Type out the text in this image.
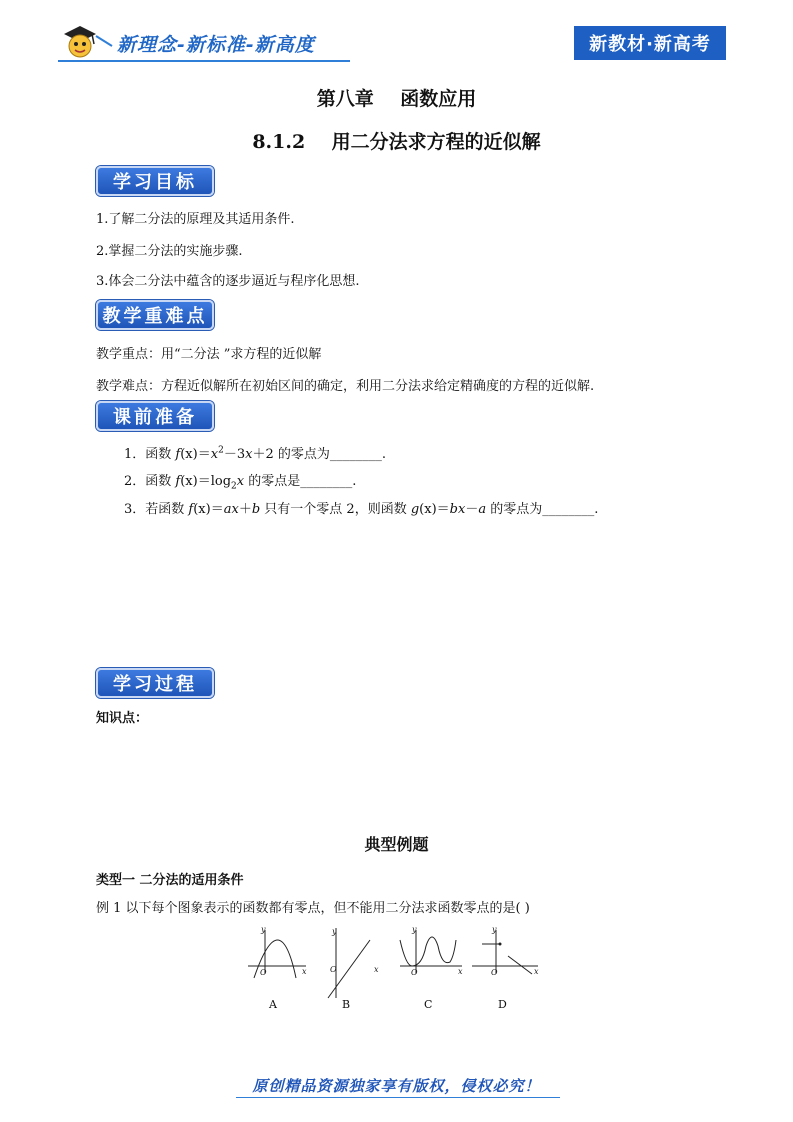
新理念-新标准-新高度	新教材·新高考
第八章    函数应用
8.1.2    用二分法求方程的近似解
学习目标
1.了解二分法的原理及其适用条件.
2.掌握二分法的实施步骤.
3.体会二分法中蕴含的逐步逼近与程序化思想.
教学重难点
教学重点：用“二分法 ”求方程的近似解
教学难点：方程近似解所在初始区间的确定，利用二分法求给定精确度的方程的近似解.
课前准备
1．函数 $f(x)=x^2-3x+2$ 的零点为________.
2．函数 $f(x)=\log_2x$ 的零点是________.
3．若函数 f(x)＝ax＋b 只有一个零点 2，则函数 g(x)＝bx－a 的零点为________.
学习过程
知识点：
典型例题
类型一 二分法的适用条件
例 1 以下每个图象表示的函数都有零点，但不能用二分法求函数零点的是( )
y
O	x
y
O	x
y
O	x
y
O	x
A	B	C	D
原创精品资源独家享有版权，侵权必究！
